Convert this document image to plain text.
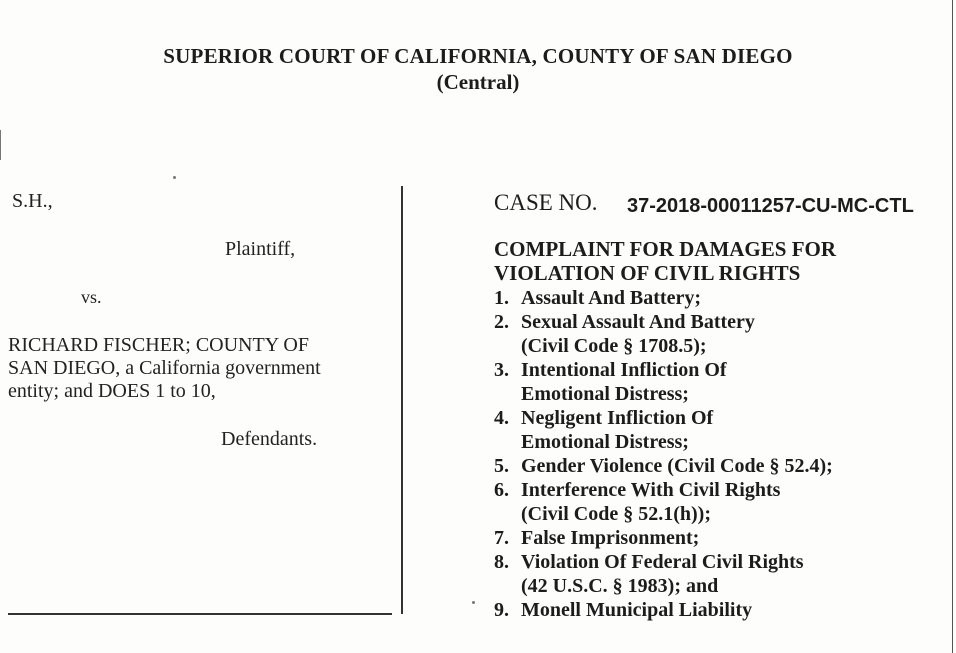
SUPERIOR COURT OF CALIFORNIA, COUNTY OF SAN DIEGO
(Central)
S.H.,
Plaintiff,
vs.
RICHARD FISCHER; COUNTY OF
SAN DIEGO, a California government
entity; and DOES 1 to 10,
Defendants.
CASE NO. 37-2018-00011257-CU-MC-CTL
COMPLAINT FOR DAMAGES FOR
VIOLATION OF CIVIL RIGHTS
1. Assault And Battery;
2. Sexual Assault And Battery
(Civil Code § 1708.5);
3. Intentional Infliction Of
Emotional Distress;
4. Negligent Infliction Of
Emotional Distress;
5. Gender Violence (Civil Code § 52.4);
6. Interference With Civil Rights
(Civil Code § 52.1(h));
7. False Imprisonment;
8. Violation Of Federal Civil Rights
(42 U.S.C. § 1983); and
9. Monell Municipal Liability
